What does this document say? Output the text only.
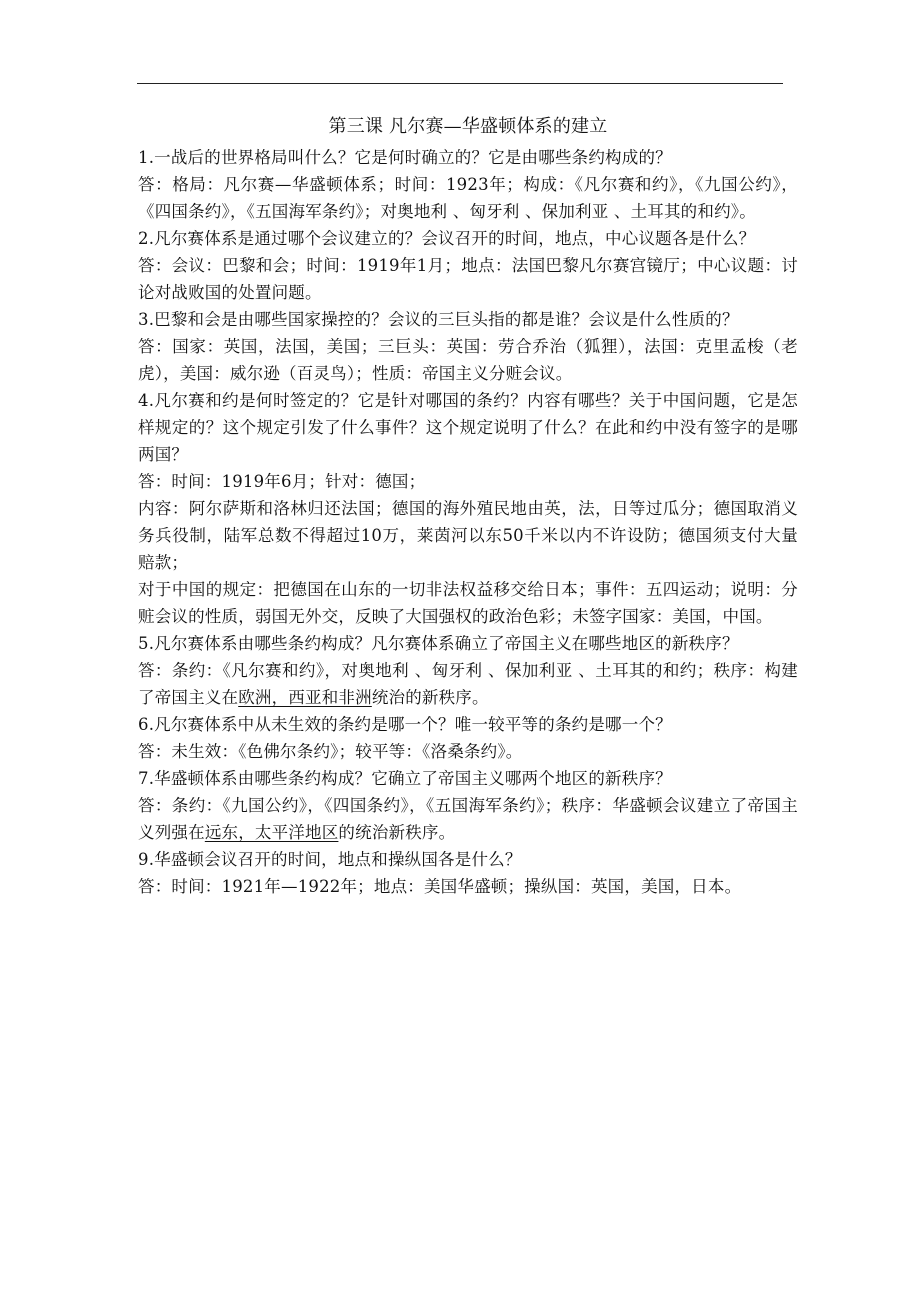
第三课 凡尔赛—华盛顿体系的建立

1.一战后的世界格局叫什么？它是何时确立的？它是由哪些条约构成的？

答：格局：凡尔赛—华盛顿体系；时间：1923年；构成：《凡尔赛和约》，《九国公约》，《四国条约》，《五国海军条约》；对奥地利 、匈牙利 、保加利亚 、土耳其的和约》。

2.凡尔赛体系是通过哪个会议建立的？会议召开的时间，地点，中心议题各是什么？

答：会议：巴黎和会；时间：1919年1月；地点：法国巴黎凡尔赛宫镜厅；中心议题：讨论对战败国的处置问题。

3.巴黎和会是由哪些国家操控的？会议的三巨头指的都是谁？会议是什么性质的？

答：国家：英国，法国，美国；三巨头：英国：劳合乔治（狐狸），法国：克里孟梭（老虎），美国：威尔逊（百灵鸟）；性质：帝国主义分赃会议。

4.凡尔赛和约是何时签定的？它是针对哪国的条约？内容有哪些？关于中国问题，它是怎样规定的？这个规定引发了什么事件？这个规定说明了什么？在此和约中没有签字的是哪两国？

答：时间：1919年6月；针对：德国；

内容：阿尔萨斯和洛林归还法国；德国的海外殖民地由英，法，日等过瓜分；德国取消义务兵役制，陆军总数不得超过10万，莱茵河以东50千米以内不许设防；德国须支付大量赔款；

对于中国的规定：把德国在山东的一切非法权益移交给日本；事件：五四运动；说明：分赃会议的性质，弱国无外交，反映了大国强权的政治色彩；未签字国家：美国，中国。

5.凡尔赛体系由哪些条约构成？凡尔赛体系确立了帝国主义在哪些地区的新秩序？

答：条约：《凡尔赛和约》，对奥地利 、匈牙利 、保加利亚 、土耳其的和约；秩序：构建了帝国主义在欧洲，西亚和非洲统治的新秩序。

6.凡尔赛体系中从未生效的条约是哪一个？唯一较平等的条约是哪一个？

答：未生效：《色佛尔条约》；较平等：《洛桑条约》。

7.华盛顿体系由哪些条约构成？它确立了帝国主义哪两个地区的新秩序？

答：条约：《九国公约》，《四国条约》，《五国海军条约》；秩序：华盛顿会议建立了帝国主义列强在远东，太平洋地区的统治新秩序。

9.华盛顿会议召开的时间，地点和操纵国各是什么？

答：时间：1921年—1922年；地点：美国华盛顿；操纵国：英国，美国，日本。
